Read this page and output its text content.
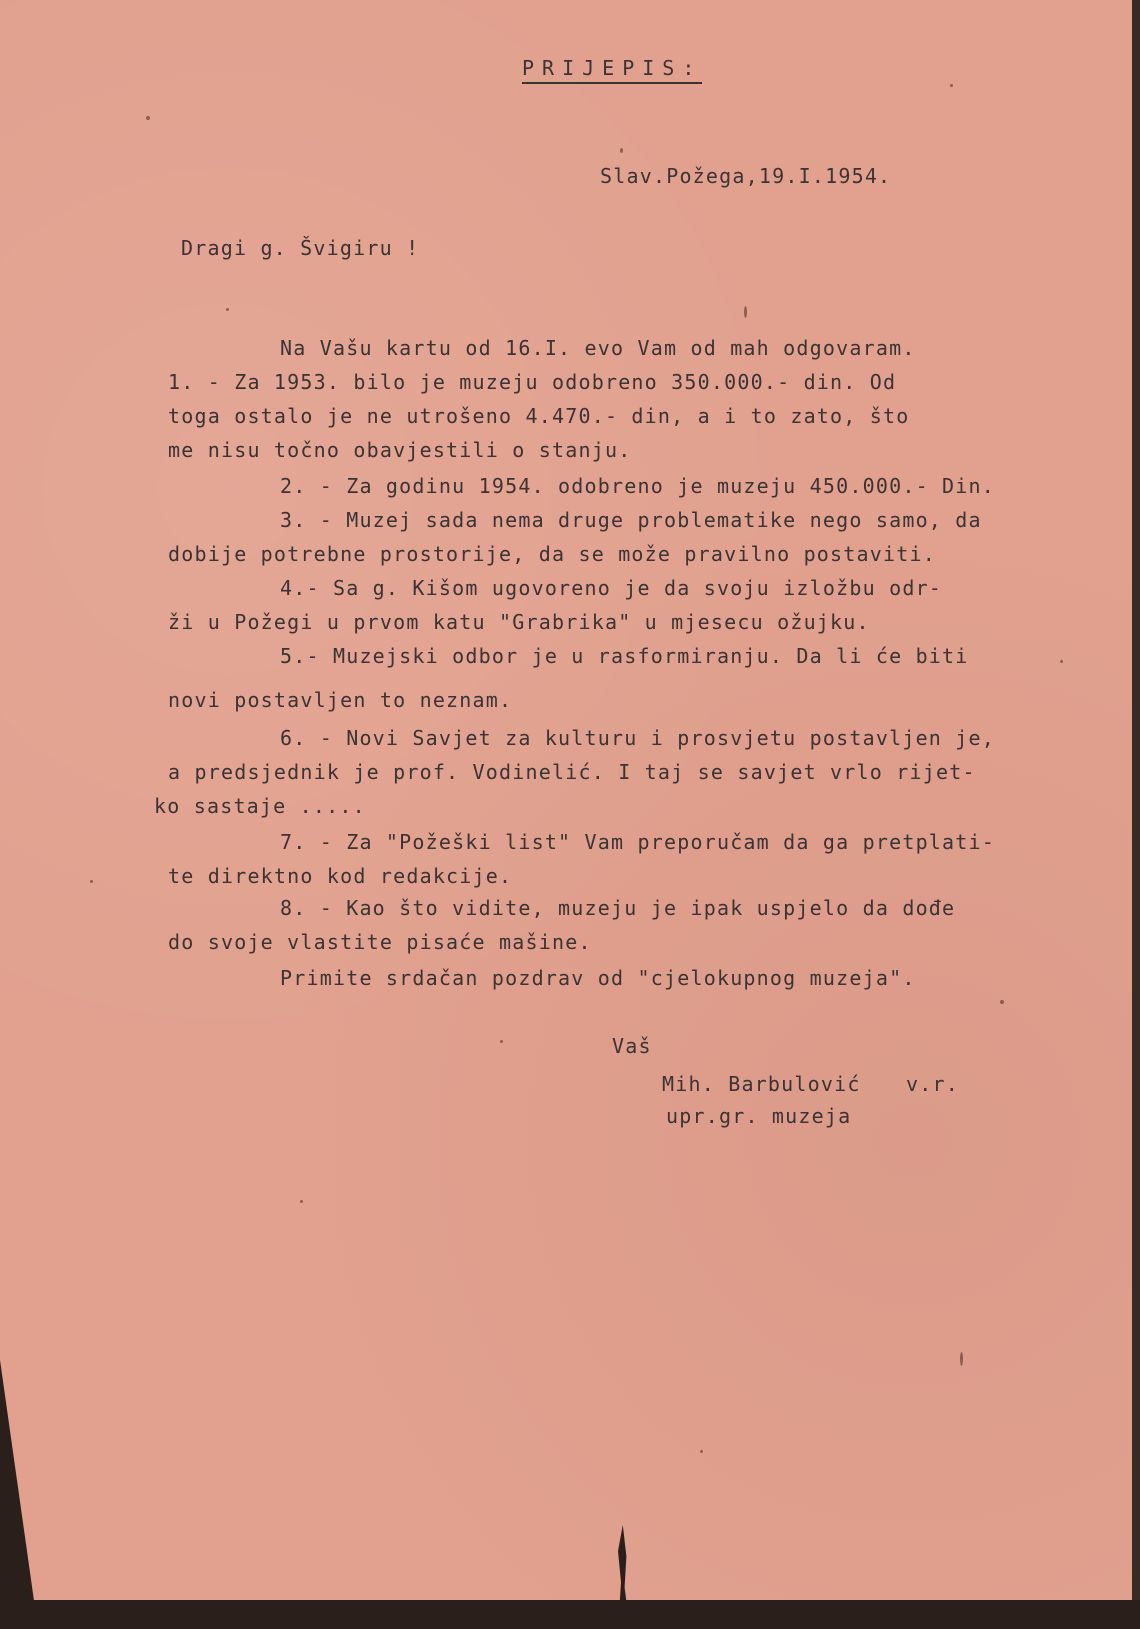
PRIJEPIS:
Slav.Požega,19.I.1954.
Dragi g. Švigiru !
Na Vašu kartu od 16.I. evo Vam od mah odgovaram.
1. - Za 1953. bilo je muzeju odobreno 350.000.- din. Od
toga ostalo je ne utrošeno 4.470.- din, a i to zato, što
me nisu točno obavjestili o stanju.
2. - Za godinu 1954. odobreno je muzeju 450.000.- Din.
3. - Muzej sada nema druge problematike nego samo, da
dobije potrebne prostorije, da se može pravilno postaviti.
4.- Sa g. Kišom ugovoreno je da svoju izložbu odr-
ži u Požegi u prvom katu "Grabrika" u mjesecu ožujku.
5.- Muzejski odbor je u rasformiranju. Da li će biti
novi postavljen to neznam.
6. - Novi Savjet za kulturu i prosvjetu postavljen je,
a predsjednik je prof. Vodinelić. I taj se savjet vrlo rijet-
ko sastaje .....
7. - Za "Požeški list" Vam preporučam da ga pretplati-
te direktno kod redakcije.
8. - Kao što vidite, muzeju je ipak uspjelo da dođe
do svoje vlastite pisaće mašine.
Primite srdačan pozdrav od "cjelokupnog muzeja".
Vaš
Mih. Barbulović v.r.
upr.gr. muzeja
